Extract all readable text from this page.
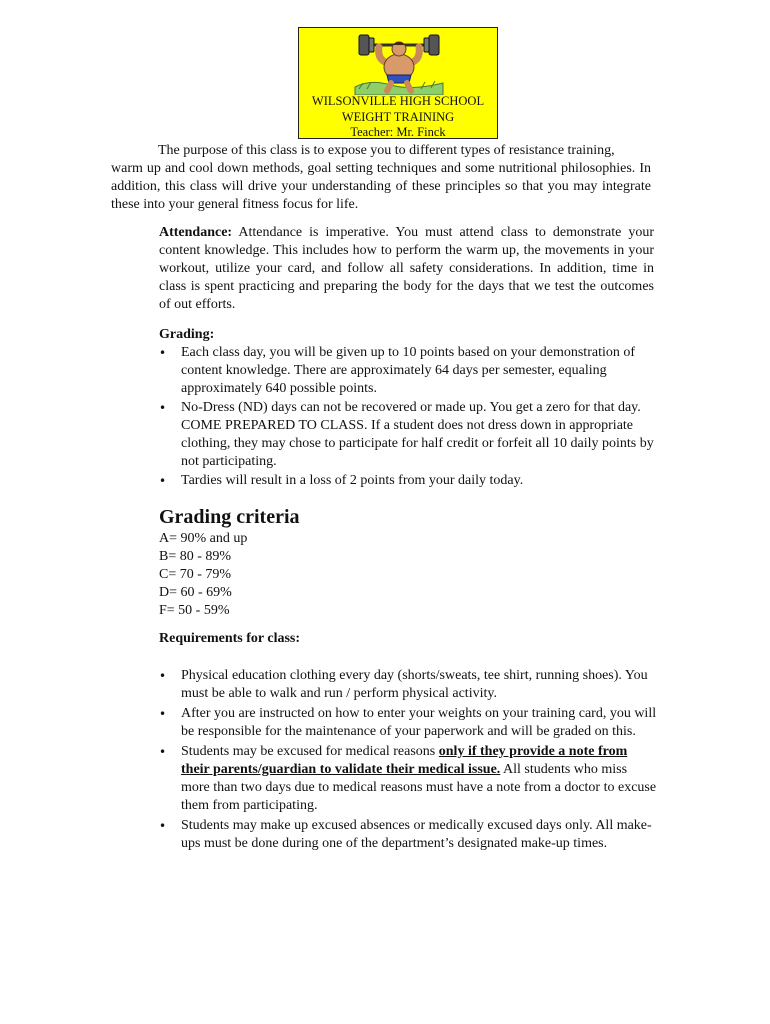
WILSONVILLE HIGH SCHOOL
WEIGHT TRAINING
Teacher: Mr. Finck
The purpose of this class is to expose you to different types of resistance training,
warm up and cool down methods, goal setting techniques and some nutritional philosophies. In addition, this class will drive your understanding of these principles so that you may integrate these into your general fitness focus for life.
Attendance: Attendance is imperative. You must attend class to demonstrate your content knowledge. This includes how to perform the warm up, the movements in your workout, utilize your card, and follow all safety considerations. In addition, time in class is spent practicing and preparing the body for the days that we test the outcomes of out efforts.
Grading:
• Each class day, you will be given up to 10 points based on your demonstration of content knowledge. There are approximately 64 days per semester, equaling approximately 640 possible points.
• No-Dress (ND) days can not be recovered or made up. You get a zero for that day. COME PREPARED TO CLASS. If a student does not dress down in appropriate clothing, they may chose to participate for half credit or forfeit all 10 daily points by not participating.
• Tardies will result in a loss of 2 points from your daily today.
Grading criteria
A= 90% and up
B= 80 - 89%
C= 70 - 79%
D= 60 - 69%
F= 50 - 59%
Requirements for class:
• Physical education clothing every day (shorts/sweats, tee shirt, running shoes). You must be able to walk and run / perform physical activity.
• After you are instructed on how to enter your weights on your training card, you will be responsible for the maintenance of your paperwork and will be graded on this.
• Students may be excused for medical reasons only if they provide a note from their parents/guardian to validate their medical issue. All students who miss more than two days due to medical reasons must have a note from a doctor to excuse them from participating.
• Students may make up excused absences or medically excused days only. All make-ups must be done during one of the department’s designated make-up times.
